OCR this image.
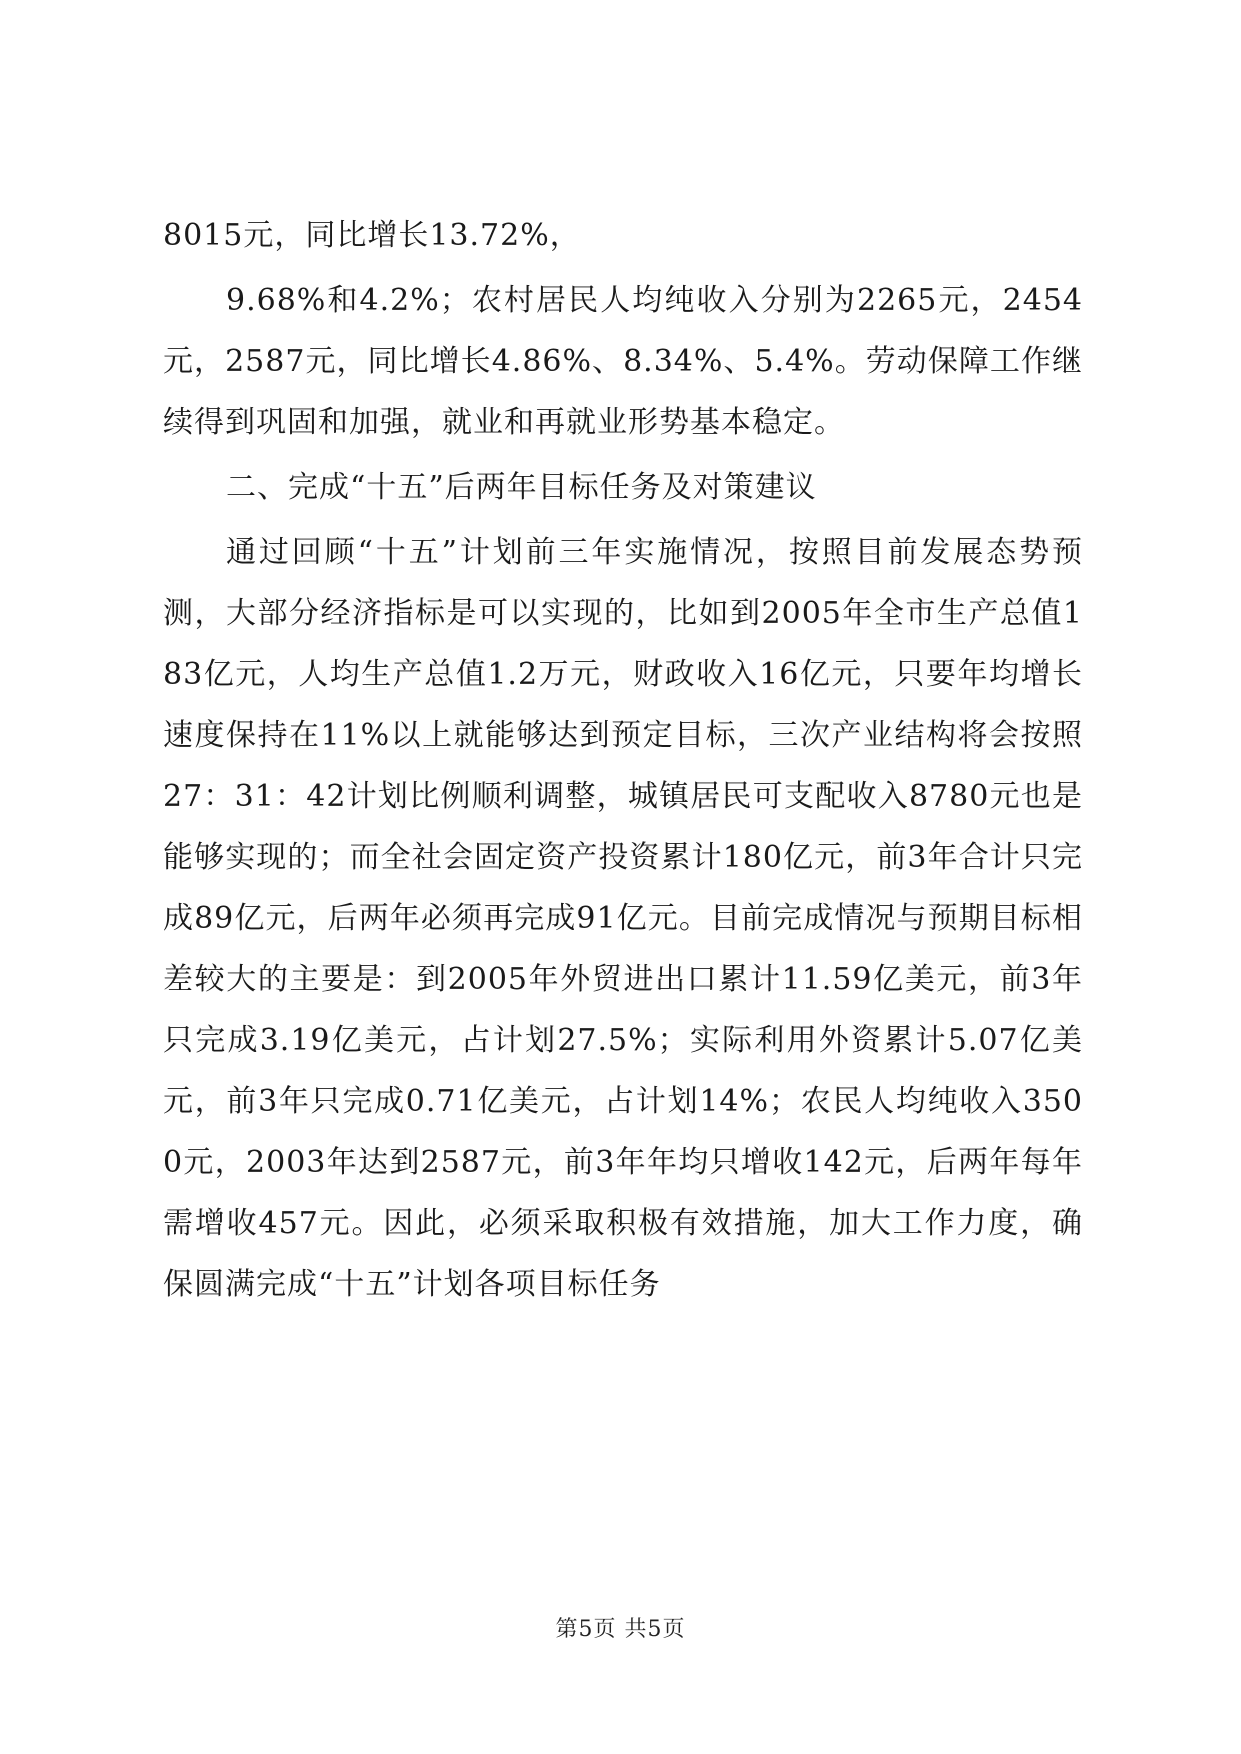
8015元，同比增长13.72%，

9.68%和4.2%；农村居民人均纯收入分别为2265元，2454元，2587元，同比增长4.86%、8.34%、5.4%。劳动保障工作继续得到巩固和加强，就业和再就业形势基本稳定。

二、完成“十五”后两年目标任务及对策建议

通过回顾“十五”计划前三年实施情况，按照目前发展态势预测，大部分经济指标是可以实现的，比如到2005年全市生产总值183亿元，人均生产总值1.2万元，财政收入16亿元，只要年均增长速度保持在11%以上就能够达到预定目标，三次产业结构将会按照27：31：42计划比例顺利调整，城镇居民可支配收入8780元也是能够实现的；而全社会固定资产投资累计180亿元，前3年合计只完成89亿元，后两年必须再完成91亿元。目前完成情况与预期目标相差较大的主要是：到2005年外贸进出口累计11.59亿美元，前3年只完成3.19亿美元，占计划27.5%；实际利用外资累计5.07亿美元，前3年只完成0.71亿美元，占计划14%；农民人均纯收入3500元，2003年达到2587元，前3年年均只增收142元，后两年每年需增收457元。因此，必须采取积极有效措施，加大工作力度，确保圆满完成“十五”计划各项目标任务

第5页 共5页
